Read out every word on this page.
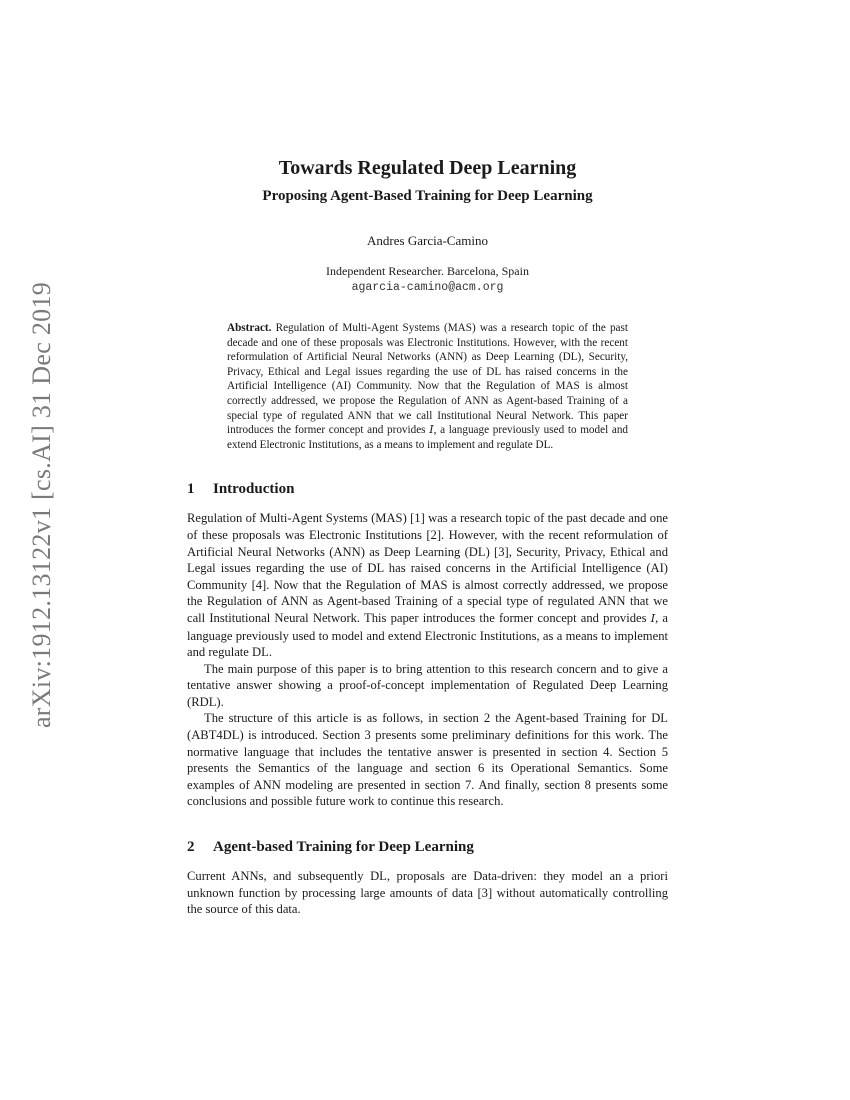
arXiv:1912.13122v1 [cs.AI] 31 Dec 2019
Towards Regulated Deep Learning
Proposing Agent-Based Training for Deep Learning
Andres Garcia-Camino
Independent Researcher. Barcelona, Spain
agarcia-camino@acm.org
Abstract. Regulation of Multi-Agent Systems (MAS) was a research topic of the past decade and one of these proposals was Electronic Institutions. However, with the recent reformulation of Artificial Neural Networks (ANN) as Deep Learning (DL), Security, Privacy, Ethical and Legal issues regarding the use of DL has raised concerns in the Artificial Intelligence (AI) Community. Now that the Regulation of MAS is almost correctly addressed, we propose the Regulation of ANN as Agent-based Training of a special type of regulated ANN that we call Institutional Neural Network. This paper introduces the former concept and provides I, a language previously used to model and extend Electronic Institutions, as a means to implement and regulate DL.
1 Introduction

Regulation of Multi-Agent Systems (MAS) [1] was a research topic of the past decade and one of these proposals was Electronic Institutions [2]. However, with the recent reformulation of Artificial Neural Networks (ANN) as Deep Learning (DL) [3], Security, Privacy, Ethical and Legal issues regarding the use of DL has raised concerns in the Artificial Intelligence (AI) Community [4]. Now that the Regulation of MAS is almost correctly addressed, we propose the Regulation of ANN as Agent-based Training of a special type of regulated ANN that we call Institutional Neural Network. This paper introduces the former concept and provides I, a language previously used to model and extend Electronic Institutions, as a means to implement and regulate DL.

The main purpose of this paper is to bring attention to this research concern and to give a tentative answer showing a proof-of-concept implementation of Regulated Deep Learning (RDL).

The structure of this article is as follows, in section 2 the Agent-based Training for DL (ABT4DL) is introduced. Section 3 presents some preliminary definitions for this work. The normative language that includes the tentative answer is presented in section 4. Section 5 presents the Semantics of the language and section 6 its Operational Semantics. Some examples of ANN modeling are presented in section 7. And finally, section 8 presents some conclusions and possible future work to continue this research.

2 Agent-based Training for Deep Learning

Current ANNs, and subsequently DL, proposals are Data-driven: they model an a priori unknown function by processing large amounts of data [3] without automatically controlling the source of this data.
